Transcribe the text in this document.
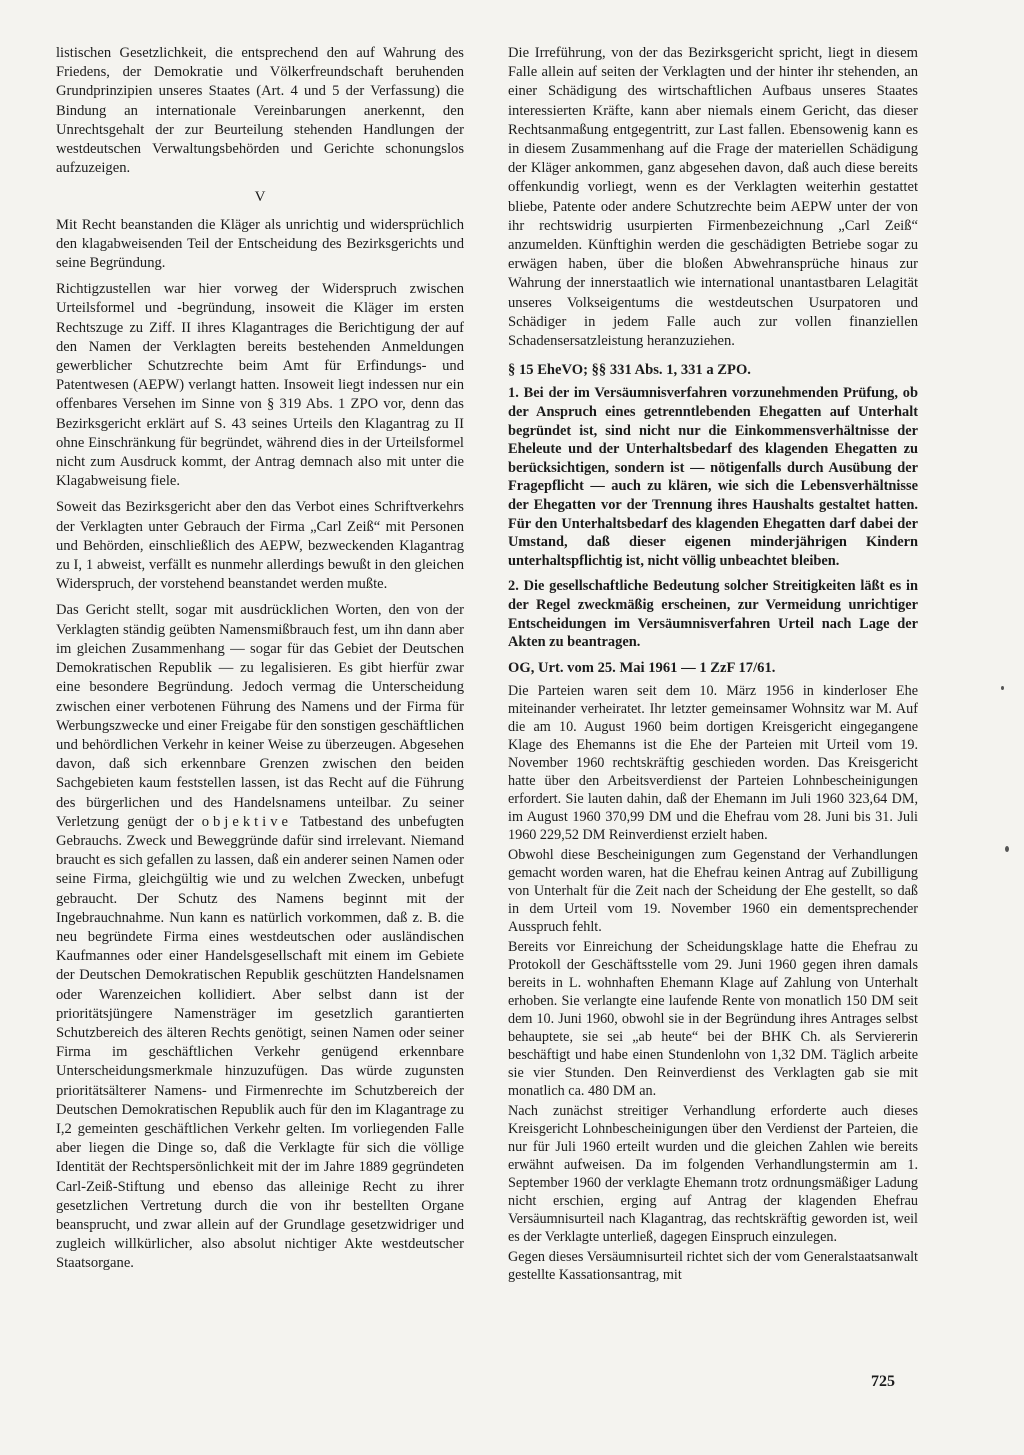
listischen Gesetzlichkeit, die entsprechend den auf Wahrung des Friedens, der Demokratie und Völkerfreundschaft beruhenden Grundprinzipien unseres Staates (Art. 4 und 5 der Verfassung) die Bindung an internationale Vereinbarungen anerkennt, den Unrechtsgehalt der zur Beurteilung stehenden Handlungen der westdeutschen Verwaltungsbehörden und Gerichte schonungslos aufzuzeigen.

V

Mit Recht beanstanden die Kläger als unrichtig und widersprüchlich den klagabweisenden Teil der Entscheidung des Bezirksgerichts und seine Begründung.

Richtigzustellen war hier vorweg der Widerspruch zwischen Urteilsformel und -begründung, insoweit die Kläger im ersten Rechtszuge zu Ziff. II ihres Klagantrages die Berichtigung der auf den Namen der Verklagten bereits bestehenden Anmeldungen gewerblicher Schutzrechte beim Amt für Erfindungs- und Patentwesen (AEPW) verlangt hatten. Insoweit liegt indessen nur ein offenbares Versehen im Sinne von § 319 Abs. 1 ZPO vor, denn das Bezirksgericht erklärt auf S. 43 seines Urteils den Klagantrag zu II ohne Einschränkung für begründet, während dies in der Urteilsformel nicht zum Ausdruck kommt, der Antrag demnach also mit unter die Klagabweisung fiele.

Soweit das Bezirksgericht aber den das Verbot eines Schriftverkehrs der Verklagten unter Gebrauch der Firma „Carl Zeiß“ mit Personen und Behörden, einschließlich des AEPW, bezweckenden Klagantrag zu I, 1 abweist, verfällt es nunmehr allerdings bewußt in den gleichen Widerspruch, der vorstehend beanstandet werden mußte.

Das Gericht stellt, sogar mit ausdrücklichen Worten, den von der Verklagten ständig geübten Namensmißbrauch fest, um ihn dann aber im gleichen Zusammenhang — sogar für das Gebiet der Deutschen Demokratischen Republik — zu legalisieren. Es gibt hierfür zwar eine besondere Begründung. Jedoch vermag die Unterscheidung zwischen einer verbotenen Führung des Namens und der Firma für Werbungszwecke und einer Freigabe für den sonstigen geschäftlichen und behördlichen Verkehr in keiner Weise zu überzeugen. Abgesehen davon, daß sich erkennbare Grenzen zwischen den beiden Sachgebieten kaum feststellen lassen, ist das Recht auf die Führung des bürgerlichen und des Handelsnamens unteilbar. Zu seiner Verletzung genügt der objektive Tatbestand des unbefugten Gebrauchs. Zweck und Beweggründe dafür sind irrelevant. Niemand braucht es sich gefallen zu lassen, daß ein anderer seinen Namen oder seine Firma, gleichgültig wie und zu welchen Zwecken, unbefugt gebraucht. Der Schutz des Namens beginnt mit der Ingebrauchnahme. Nun kann es natürlich vorkommen, daß z. B. die neu begründete Firma eines westdeutschen oder ausländischen Kaufmannes oder einer Handelsgesellschaft mit einem im Gebiete der Deutschen Demokratischen Republik geschützten Handelsnamen oder Warenzeichen kollidiert. Aber selbst dann ist der prioritätsjüngere Namensträger im gesetzlich garantierten Schutzbereich des älteren Rechts genötigt, seinen Namen oder seiner Firma im geschäftlichen Verkehr genügend erkennbare Unterscheidungsmerkmale hinzuzufügen. Das würde zugunsten prioritätsälterer Namens- und Firmenrechte im Schutzbereich der Deutschen Demokratischen Republik auch für den im Klagantrage zu I,2 gemeinten geschäftlichen Verkehr gelten. Im vorliegenden Falle aber liegen die Dinge so, daß die Verklagte für sich die völlige Identität der Rechtspersönlichkeit mit der im Jahre 1889 gegründeten Carl-Zeiß-Stiftung und ebenso das alleinige Recht zu ihrer gesetzlichen Vertretung durch die von ihr bestellten Organe beansprucht, und zwar allein auf der Grundlage gesetzwidriger und zugleich willkürlicher, also absolut nichtiger Akte westdeutscher Staatsorgane.

Die Irreführung, von der das Bezirksgericht spricht, liegt in diesem Falle allein auf seiten der Verklagten und der hinter ihr stehenden, an einer Schädigung des wirtschaftlichen Aufbaus unseres Staates interessierten Kräfte, kann aber niemals einem Gericht, das dieser Rechtsanmaßung entgegentritt, zur Last fallen. Ebensowenig kann es in diesem Zusammenhang auf die Frage der materiellen Schädigung der Kläger ankommen, ganz abgesehen davon, daß auch diese bereits offenkundig vorliegt, wenn es der Verklagten weiterhin gestattet bliebe, Patente oder andere Schutzrechte beim AEPW unter der von ihr rechtswidrig usurpierten Firmenbezeichnung „Carl Zeiß“ anzumelden. Künftighin werden die geschädigten Betriebe sogar zu erwägen haben, über die bloßen Abwehransprüche hinaus zur Wahrung der innerstaatlich wie international unantastbaren Lelagität unseres Volkseigentums die westdeutschen Usurpatoren und Schädiger in jedem Falle auch zur vollen finanziellen Schadensersatzleistung heranzuziehen.

§ 15 EheVO; §§ 331 Abs. 1, 331 a ZPO.

1. Bei der im Versäumnisverfahren vorzunehmenden Prüfung, ob der Anspruch eines getrenntlebenden Ehegatten auf Unterhalt begründet ist, sind nicht nur die Einkommensverhältnisse der Eheleute und der Unterhaltsbedarf des klagenden Ehegatten zu berücksichtigen, sondern ist — nötigenfalls durch Ausübung der Fragepflicht — auch zu klären, wie sich die Lebensverhältnisse der Ehegatten vor der Trennung ihres Haushalts gestaltet hatten. Für den Unterhaltsbedarf des klagenden Ehegatten darf dabei der Umstand, daß dieser eigenen minderjährigen Kindern unterhaltspflichtig ist, nicht völlig unbeachtet bleiben.

2. Die gesellschaftliche Bedeutung solcher Streitigkeiten läßt es in der Regel zweckmäßig erscheinen, zur Vermeidung unrichtiger Entscheidungen im Versäumnisverfahren Urteil nach Lage der Akten zu beantragen.

OG, Urt. vom 25. Mai 1961 — 1 ZzF 17/61.

Die Parteien waren seit dem 10. März 1956 in kinderloser Ehe miteinander verheiratet. Ihr letzter gemeinsamer Wohnsitz war M. Auf die am 10. August 1960 beim dortigen Kreisgericht eingegangene Klage des Ehemanns ist die Ehe der Parteien mit Urteil vom 19. November 1960 rechtskräftig geschieden worden. Das Kreisgericht hatte über den Arbeitsverdienst der Parteien Lohnbescheinigungen erfordert. Sie lauten dahin, daß der Ehemann im Juli 1960 323,64 DM, im August 1960 370,99 DM und die Ehefrau vom 28. Juni bis 31. Juli 1960 229,52 DM Reinverdienst erzielt haben.

Obwohl diese Bescheinigungen zum Gegenstand der Verhandlungen gemacht worden waren, hat die Ehefrau keinen Antrag auf Zubilligung von Unterhalt für die Zeit nach der Scheidung der Ehe gestellt, so daß in dem Urteil vom 19. November 1960 ein dementsprechender Ausspruch fehlt.

Bereits vor Einreichung der Scheidungsklage hatte die Ehefrau zu Protokoll der Geschäftsstelle vom 29. Juni 1960 gegen ihren damals bereits in L. wohnhaften Ehemann Klage auf Zahlung von Unterhalt erhoben. Sie verlangte eine laufende Rente von monatlich 150 DM seit dem 10. Juni 1960, obwohl sie in der Begründung ihres Antrages selbst behauptete, sie sei „ab heute“ bei der BHK Ch. als Serviererin beschäftigt und habe einen Stundenlohn von 1,32 DM. Täglich arbeite sie vier Stunden. Den Reinverdienst des Verklagten gab sie mit monatlich ca. 480 DM an.

Nach zunächst streitiger Verhandlung erforderte auch dieses Kreisgericht Lohnbescheinigungen über den Verdienst der Parteien, die nur für Juli 1960 erteilt wurden und die gleichen Zahlen wie bereits erwähnt aufweisen. Da im folgenden Verhandlungstermin am 1. September 1960 der verklagte Ehemann trotz ordnungsmäßiger Ladung nicht erschien, erging auf Antrag der klagenden Ehefrau Versäumnisurteil nach Klagantrag, das rechtskräftig geworden ist, weil es der Verklagte unterließ, dagegen Einspruch einzulegen.

Gegen dieses Versäumnisurteil richtet sich der vom Generalstaatsanwalt gestellte Kassationsantrag, mit

725
